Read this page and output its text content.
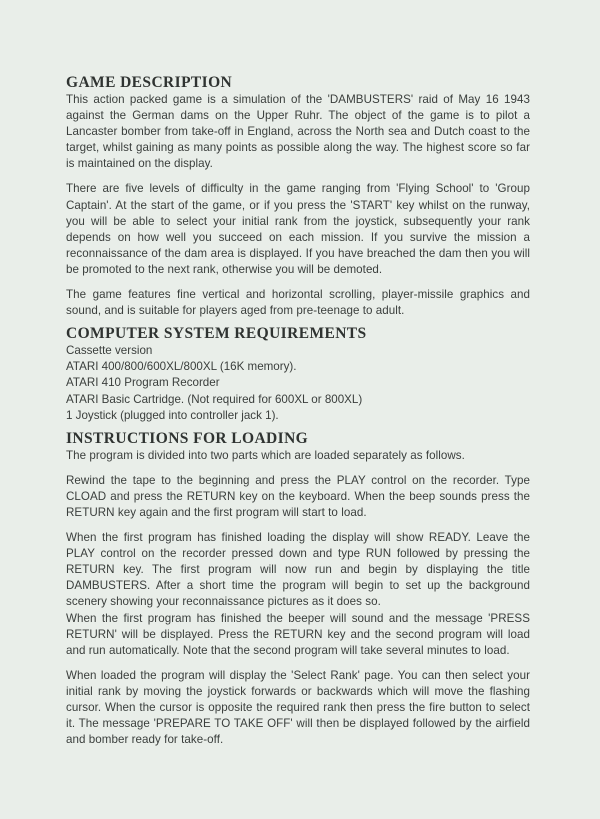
GAME DESCRIPTION

This action packed game is a simulation of the 'DAMBUSTERS' raid of May 16 1943 against the German dams on the Upper Ruhr. The object of the game is to pilot a Lancaster bomber from take-off in England, across the North sea and Dutch coast to the target, whilst gaining as many points as possible along the way. The highest score so far is maintained on the display.

There are five levels of difficulty in the game ranging from 'Flying School' to 'Group Captain'. At the start of the game, or if you press the 'START' key whilst on the runway, you will be able to select your initial rank from the joystick, subsequently your rank depends on how well you succeed on each mission. If you survive the mission a reconnaissance of the dam area is displayed. If you have breached the dam then you will be promoted to the next rank, otherwise you will be demoted.

The game features fine vertical and horizontal scrolling, player-missile graphics and sound, and is suitable for players aged from pre-teenage to adult.

COMPUTER SYSTEM REQUIREMENTS
Cassette version
ATARI 400/800/600XL/800XL (16K memory).
ATARI 410 Program Recorder
ATARI Basic Cartridge. (Not required for 600XL or 800XL)
1 Joystick (plugged into controller jack 1).
INSTRUCTIONS FOR LOADING

The program is divided into two parts which are loaded separately as follows.

Rewind the tape to the beginning and press the PLAY control on the recorder. Type CLOAD and press the RETURN key on the keyboard. When the beep sounds press the RETURN key again and the first program will start to load.

When the first program has finished loading the display will show READY. Leave the PLAY control on the recorder pressed down and type RUN followed by pressing the RETURN key. The first program will now run and begin by displaying the title DAMBUSTERS. After a short time the program will begin to set up the background scenery showing your reconnaissance pictures as it does so.

When the first program has finished the beeper will sound and the message 'PRESS RETURN' will be displayed. Press the RETURN key and the second program will load and run automatically. Note that the second program will take several minutes to load.

When loaded the program will display the 'Select Rank' page. You can then select your initial rank by moving the joystick forwards or backwards which will move the flashing cursor. When the cursor is opposite the required rank then press the fire button to select it. The message 'PREPARE TO TAKE OFF' will then be displayed followed by the airfield and bomber ready for take-off.
